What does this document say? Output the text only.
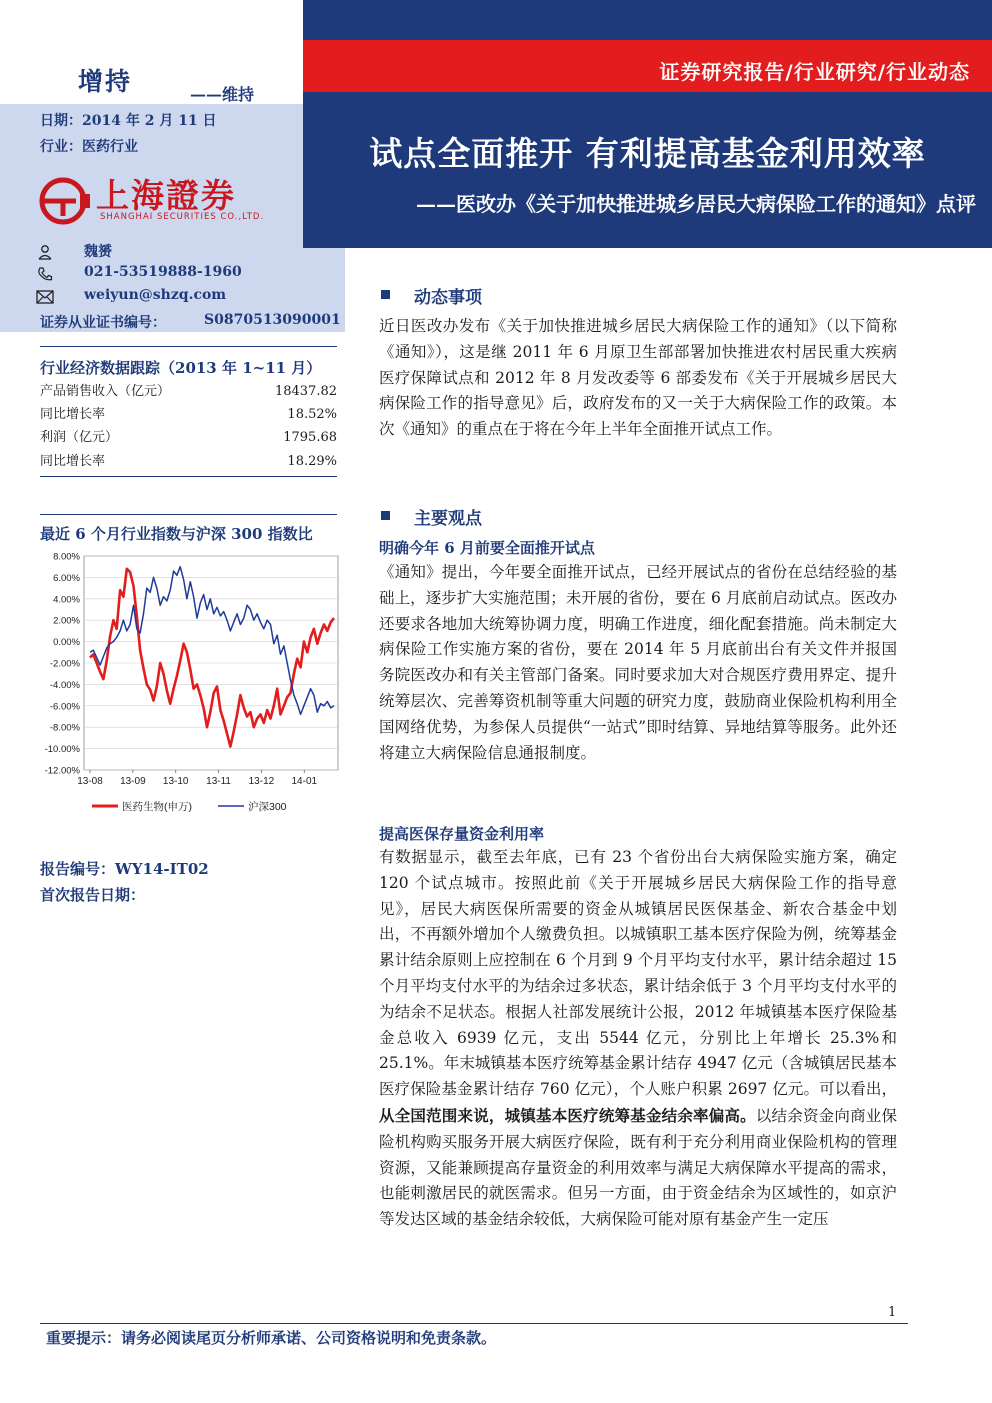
增持	——维持
日期：2014 年 2 月 11 日
行业：医药行业
上海證券
SHANGHAI SECURITIES CO.,LTD.
魏赟
021-53519888-1960
weiyun@shzq.com
证券从业证书编号：	S0870513090001
证券研究报告/行业研究/行业动态
试点全面推开 有利提高基金利用效率
——医改办《关于加快推进城乡居民大病保险工作的通知》点评
行业经济数据跟踪（2013 年 1~11 月）
产品销售收入（亿元）	18437.82
同比增长率	18.52%
利润（亿元）	1795.68
同比增长率	18.29%
最近 6 个月行业指数与沪深 300 指数比
8.00%
6.00%
4.00%
2.00%
0.00%
-2.00%
-4.00%
-6.00%
-8.00%
-10.00%
-12.00%
13-08 13-09 13-10 13-11 13-12 14-01
医药生物(申万)	沪深300
报告编号：WY14-IT02
首次报告日期：
动态事项
近日医改办发布《关于加快推进城乡居民大病保险工作的通知》（以下简称《通知》），这是继 2011 年 6 月原卫生部部署加快推进农村居民重大疾病医疗保障试点和 2012 年 8 月发改委等 6 部委发布《关于开展城乡居民大病保险工作的指导意见》后，政府发布的又一关于大病保险工作的政策。本次《通知》的重点在于将在今年上半年全面推开试点工作。
主要观点
明确今年 6 月前要全面推开试点
《通知》提出，今年要全面推开试点，已经开展试点的省份在总结经验的基础上，逐步扩大实施范围；未开展的省份，要在 6 月底前启动试点。医改办还要求各地加大统筹协调力度，明确工作进度，细化配套措施。尚未制定大病保险工作实施方案的省份，要在 2014 年 5 月底前出台有关文件并报国务院医改办和有关主管部门备案。同时要求加大对合规医疗费用界定、提升统筹层次、完善筹资机制等重大问题的研究力度，鼓励商业保险机构利用全国网络优势，为参保人员提供“一站式”即时结算、异地结算等服务。此外还将建立大病保险信息通报制度。
提高医保存量资金利用率
有数据显示，截至去年底，已有 23 个省份出台大病保险实施方案，确定 120 个试点城市。按照此前《关于开展城乡居民大病保险工作的指导意见》，居民大病医保所需要的资金从城镇居民医保基金、新农合基金中划出，不再额外增加个人缴费负担。以城镇职工基本医疗保险为例，统筹基金累计结余原则上应控制在 6 个月到 9 个月平均支付水平，累计结余超过 15 个月平均支付水平的为结余过多状态，累计结余低于 3 个月平均支付水平的为结余不足状态。根据人社部发展统计公报，2012 年城镇基本医疗保险基金总收入 6939 亿元，支出 5544 亿元，分别比上年增长 25.3%和 25.1%。年末城镇基本医疗统筹基金累计结存 4947 亿元（含城镇居民基本医疗保险基金累计结存 760 亿元），个人账户积累 2697 亿元。可以看出，从全国范围来说，城镇基本医疗统筹基金结余率偏高。以结余资金向商业保险机构购买服务开展大病医疗保险，既有利于充分利用商业保险机构的管理资源，又能兼顾提高存量资金的利用效率与满足大病保障水平提高的需求，也能刺激居民的就医需求。但另一方面，由于资金结余为区域性的，如京沪等发达区域的基金结余较低，大病保险可能对原有基金产生一定压
1
重要提示：请务必阅读尾页分析师承诺、公司资格说明和免责条款。
